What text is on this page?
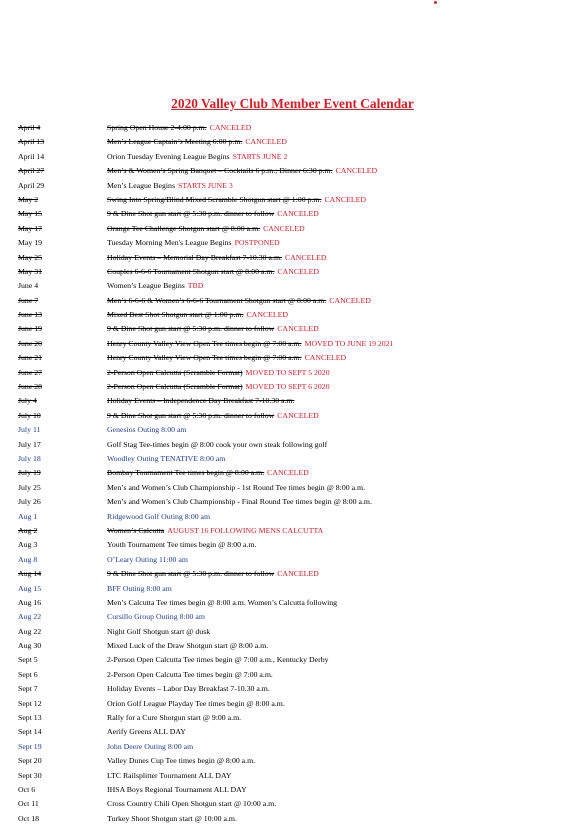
2020 Valley Club Member Event Calendar
April 4	Spring Open House 2-4:00 p.m. CANCELED
April 13	Men’s League Captain’s Meeting 6:00 p.m. CANCELED
April 14	Orion Tuesday Evening League Begins STARTS JUNE 2
April 27	Men’s & Women’s Spring Banquet – Cocktails 6 p.m.; Dinner 6:30 p.m. CANCELED
April 29	Men’s League Begins STARTS JUNE 3
May 2	Swing Into Spring/Blind Mixed Scramble Shotgun start @ 1:00 p.m. CANCELED
May 15	9 & Dine Shot gun start @ 5:30 p.m. dinner to follow CANCELED
May 17	Orange Tee Challenge Shotgun start @ 8:00 a.m. CANCELED
May 19	Tuesday Morning Men's League Begins POSTPONED
May 25	Holiday Events – Memorial Day Breakfast 7-10.30 a.m. CANCELED
May 31	Couples 6-6-6 Tournament Shotgun start @ 8:00 a.m. CANCELED
June 4	Women’s League Begins TBD
June 7	Men’s 6-6-6 & Women’s 6-6-6 Tournament Shotgun start @ 8:00 a.m. CANCELED
June 13	Mixed Best Shot Shotgun start @ 1:00 p.m. CANCELED
June 19	9 & Dine Shot gun start @ 5:30 p.m. dinner to follow CANCELED
June 20	Henry County Valley View Open Tee times begin @ 7:00 a.m. MOVED TO JUNE 19 2021
June 21	Henry County Valley View Open Tee times begin @ 7:00 a.m. CANCELED
June 27	2-Person Open Calcutta (Scramble Format) MOVED TO SEPT 5 2020
June 28	2-Person Open Calcutta (Scramble Format) MOVED TO SEPT 6 2020
July 4	Holiday Events – Independence Day Breakfast 7-10.30 a.m.
July 10	9 & Dine Shot gun start @ 5:30 p.m. dinner to follow CANCELED
July 11	Genesios Outing 8:00 am
July 17	Golf Stag Tee-times begin @ 8:00 cook your own steak following golf
July 18	Woodley Outing TENATIVE 8:00 am
July 19	Bombay Tournament Tee times begin @ 8:00 a.m. CANCELED
July 25	Men’s and Women’s Club Championship - 1st Round Tee times begin @ 8:00 a.m.
July 26	Men’s and Women’s Club Championship - Final Round Tee times begin @ 8:00 a.m.
Aug 1	Ridgewood Golf Outing 8:00 am
Aug 2	Women’s Calcutta AUGUST 16 FOLLOWING MENS CALCUTTA
Aug 3	Youth Tournament Tee times begin @ 8:00 a.m.
Aug 8	O’Leary Outing 11:00 am
Aug 14	9 & Dine Shot gun start @ 5:30 p.m. dinner to follow CANCELED
Aug 15	BFF Outing 8:00 am
Aug 16	Men’s Calcutta Tee times begin @ 8:00 a.m. Women’s Calcutta following
Aug 22	Cursillo Group Outing 8:00 am
Aug 22	Night Golf Shotgun start @ dusk
Aug 30	Mixed Luck of the Draw Shotgun start @ 8:00 a.m.
Sept 5	2-Person Open Calcutta Tee times begin @ 7:00 a.m., Kentucky Derby
Sept 6	2-Person Open Calcutta Tee times begin @ 7:00 a.m.
Sept 7	Holiday Events – Labor Day Breakfast 7-10.30 a.m.
Sept 12	Orion Golf League Playday Tee times begin @ 8:00 a.m.
Sept 13	Rally for a Cure Shotgun start @ 9:00 a.m.
Sept 14	Aerify Greens ALL DAY
Sept 19	John Deere Outing 8:00 am
Sept 20	Valley Dunes Cup Tee times begin @ 8:00 a.m.
Sept 30	LTC Railsplitter Tournament ALL DAY
Oct 6	IHSA Boys Regional Tournament ALL DAY
Oct 11	Cross Country Chili Open Shotgun start @ 10:00 a.m.
Oct 18	Turkey Shoot Shotgun start @ 10:00 a.m.
